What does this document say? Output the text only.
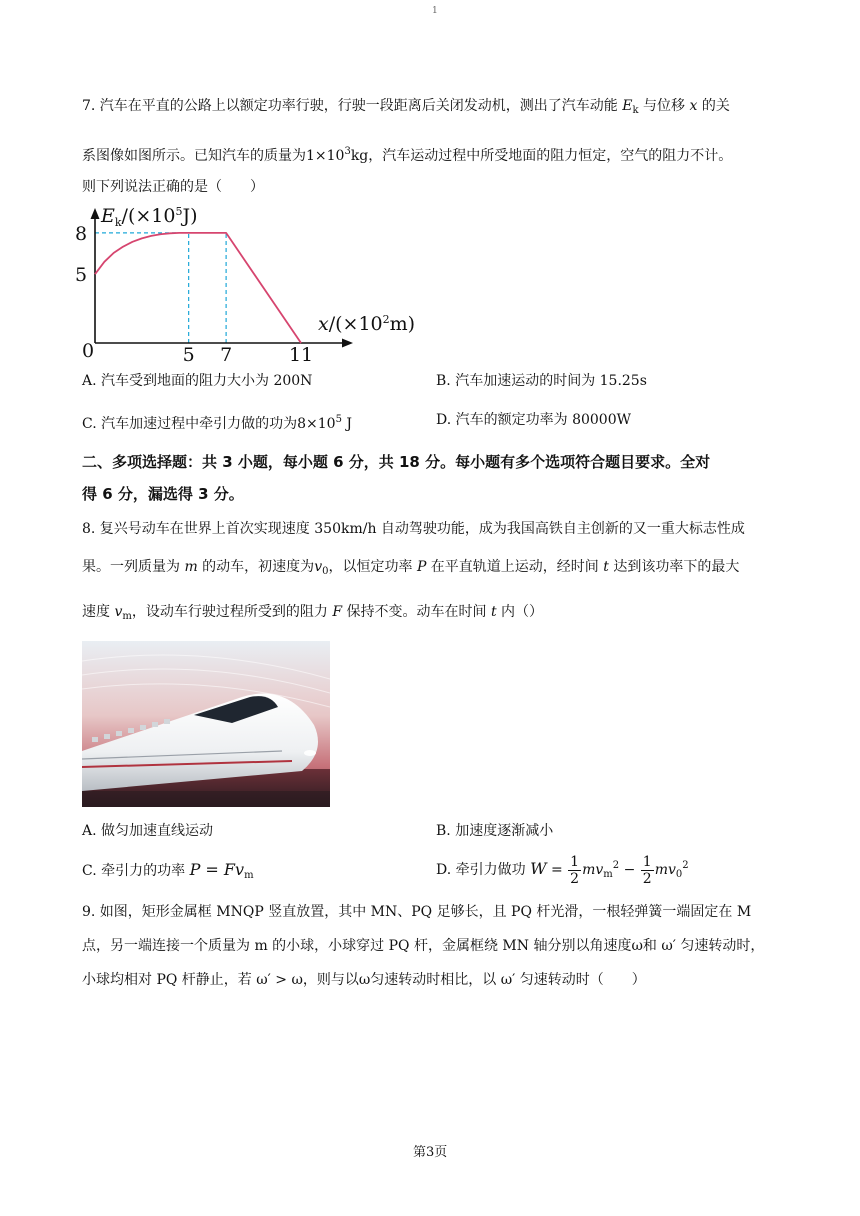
1
7. 汽车在平直的公路上以额定功率行驶，行驶一段距离后关闭发动机，测出了汽车动能 $E_k$ 与位移 x 的关
系图像如图所示。已知汽车的质量为$1\times 10^3kg$，汽车运动过程中所受地面的阻力恒定，空气的阻力不计。
则下列说法正确的是（　　）
5 7	11
5
8
$E_k/(\times 10^5J)$
$x/(\times 10^2m)$
0
A. 汽车受到地面的阻力大小为 200N	B. 汽车加速运动的时间为 15.25s
C. 汽车加速过程中牵引力做的功为$8\times 10^5$ J	D. 汽车的额定功率为 80000W
二、多项选择题：共 3 小题，每小题 6 分，共 18 分。每小题有多个选项符合题目要求。全对
得 6 分，漏选得 3 分。
8. 复兴号动车在世界上首次实现速度 350km/h 自动驾驶功能，成为我国高铁自主创新的又一重大标志性成
果。一列质量为 m 的动车，初速度为$v_0$，以恒定功率 P 在平直轨道上运动，经时间 t 达到该功率下的最大
速度 $v_m$，设动车行驶过程所受到的阻力 F 保持不变。动车在时间 t 内（）
A. 做匀加速直线运动	B. 加速度逐渐减小
C. 牵引力的功率 $P = Fv_m$	D. 牵引力做功 $W = \frac{1}{2} mv_m^2 - \frac{1}{2} mv_0^2$
9. 如图，矩形金属框 MNQP 竖直放置，其中 MN、PQ 足够长，且 PQ 杆光滑，一根轻弹簧一端固定在 M
点，另一端连接一个质量为 m 的小球，小球穿过 PQ 杆，金属框绕 MN 轴分别以角速度ω和 ω′ 匀速转动时，
小球均相对 PQ 杆静止，若 ω′ > ω，则与以ω匀速转动时相比，以 ω′ 匀速转动时（　　）
第3页
